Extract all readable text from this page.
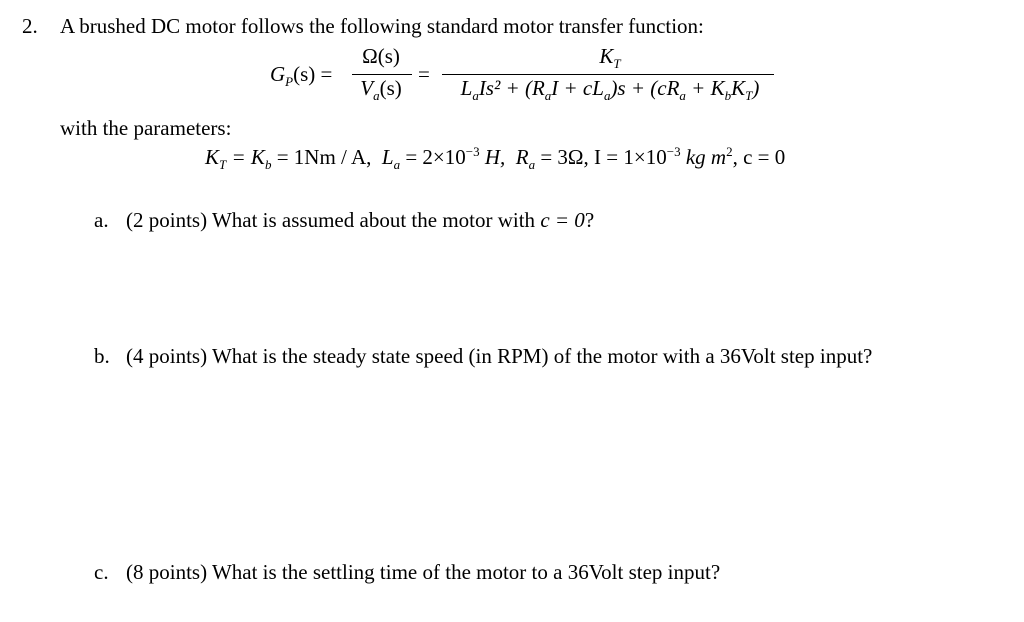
2. A brushed DC motor follows the following standard motor transfer function:
$G_P(s)$ =
Ω(s)
$V_a(s)$
=
$K_T$
$L_aIs^2 + (R_aI + cL_a)s + (cR_a + K_bK_T)$
with the parameters:
$K_T = K_b = 1Nm / A$, $L_a = 2\times 10^{-3}$ H, $R_a = 3\Omega$, $I = 1\times 10^{-3}$ kg $m^2$, c = 0
a. (2 points) What is assumed about the motor with c = 0?
b. (4 points) What is the steady state speed (in RPM) of the motor with a 36Volt step input?
c. (8 points) What is the settling time of the motor to a 36Volt step input?
